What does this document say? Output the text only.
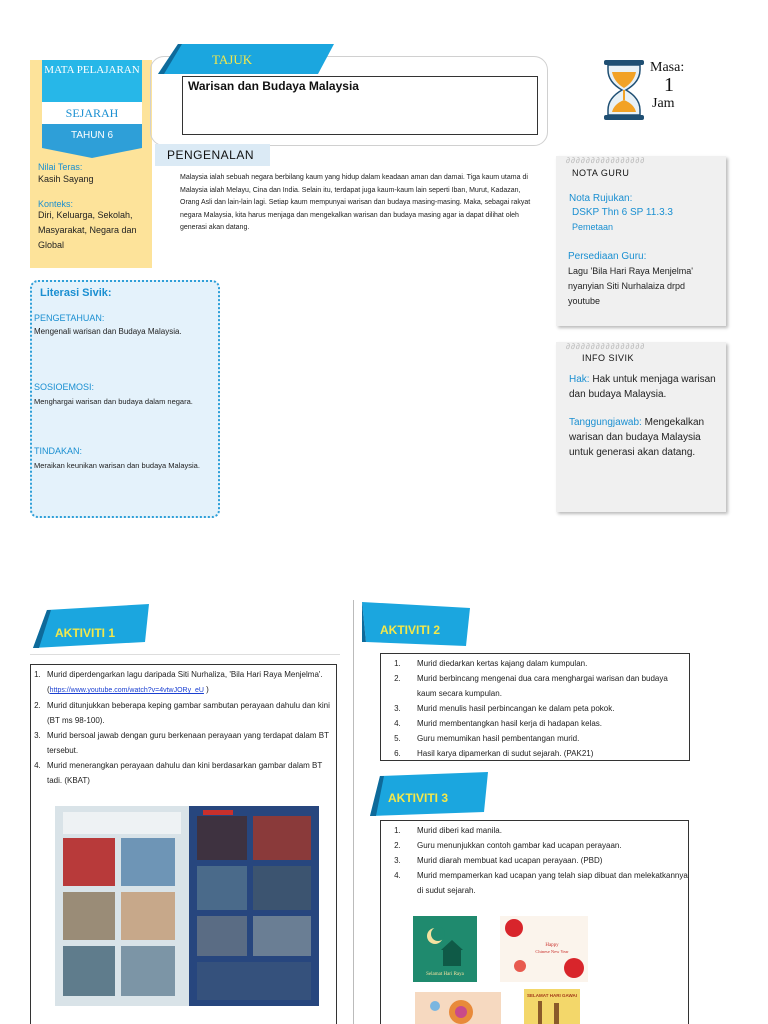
MATA PELAJARAN
SEJARAH
TAHUN 6
Nilai Teras:
Kasih Sayang
Konteks:
Diri, Keluarga, Sekolah, Masyarakat, Negara dan Global
TAJUK
Warisan dan Budaya Malaysia
Masa:
1
Jam
PENGENALAN
Malaysia ialah sebuah negara berbilang kaum yang hidup dalam keadaan aman dan damai. Tiga kaum utama di Malaysia ialah Melayu, Cina dan India. Selain itu, terdapat juga kaum-kaum lain seperti Iban, Murut, Kadazan, Orang Asli dan lain-lain lagi. Setiap kaum mempunyai warisan dan budaya masing-masing. Maka, sebagai rakyat negara Malaysia, kita harus menjaga dan mengekalkan warisan dan budaya masing agar ia dapat dilihat oleh generasi akan datang.
∂∂∂∂∂∂∂∂∂∂∂∂∂∂∂∂
NOTA GURU
Nota Rujukan:
DSKP Thn 6 SP 11.3.3
Pemetaan
Persediaan Guru:
Lagu 'Bila Hari Raya Menjelma' nyanyian Siti Nurhalaiza drpd youtube
∂∂∂∂∂∂∂∂∂∂∂∂∂∂∂∂
INFO SIVIK
Hak: Hak untuk menjaga warisan dan budaya Malaysia.
Tanggungjawab: Mengekalkan warisan dan budaya Malaysia untuk generasi akan datang.
Literasi Sivik:
PENGETAHUAN:
Mengenali warisan dan Budaya Malaysia.
SOSIOEMOSI:
Menghargai warisan dan budaya dalam negara.
TINDAKAN:
Meraikan keunikan warisan dan budaya Malaysia.
AKTIVITI 1
1. Murid diperdengarkan lagu daripada Siti Nurhaliza, 'Bila Hari Raya Menjelma'. (https://www.youtube.com/watch?v=4vtwJORy_eU )
2. Murid ditunjukkan beberapa keping gambar sambutan perayaan dahulu dan kini (BT ms 98-100).
3. Murid bersoal jawab dengan guru berkenaan perayaan yang terdapat dalam BT tersebut.
4. Murid menerangkan perayaan dahulu dan kini berdasarkan gambar dalam BT tadi. (KBAT)
AKTIVITI 2
1. Murid diedarkan kertas kajang dalam kumpulan.
2. Murid berbincang mengenai dua cara menghargai warisan dan budaya kaum secara kumpulan.
3. Murid menulis hasil perbincangan ke dalam peta pokok.
4. Murid membentangkan hasil kerja di hadapan kelas.
5. Guru memumikan hasil pembentangan murid.
6. Hasil karya dipamerkan di sudut sejarah. (PAK21)
AKTIVITI 3
1. Murid diberi kad manila.
2. Guru menunjukkan contoh gambar kad ucapan perayaan.
3. Murid diarah membuat kad ucapan perayaan. (PBD)
4. Murid mempamerkan kad ucapan yang telah siap dibuat dan melekatkannya di sudut sejarah.
Selamat Hari Raya
Happy
Chinese New Year
SELAMAT HARI GAWAI
